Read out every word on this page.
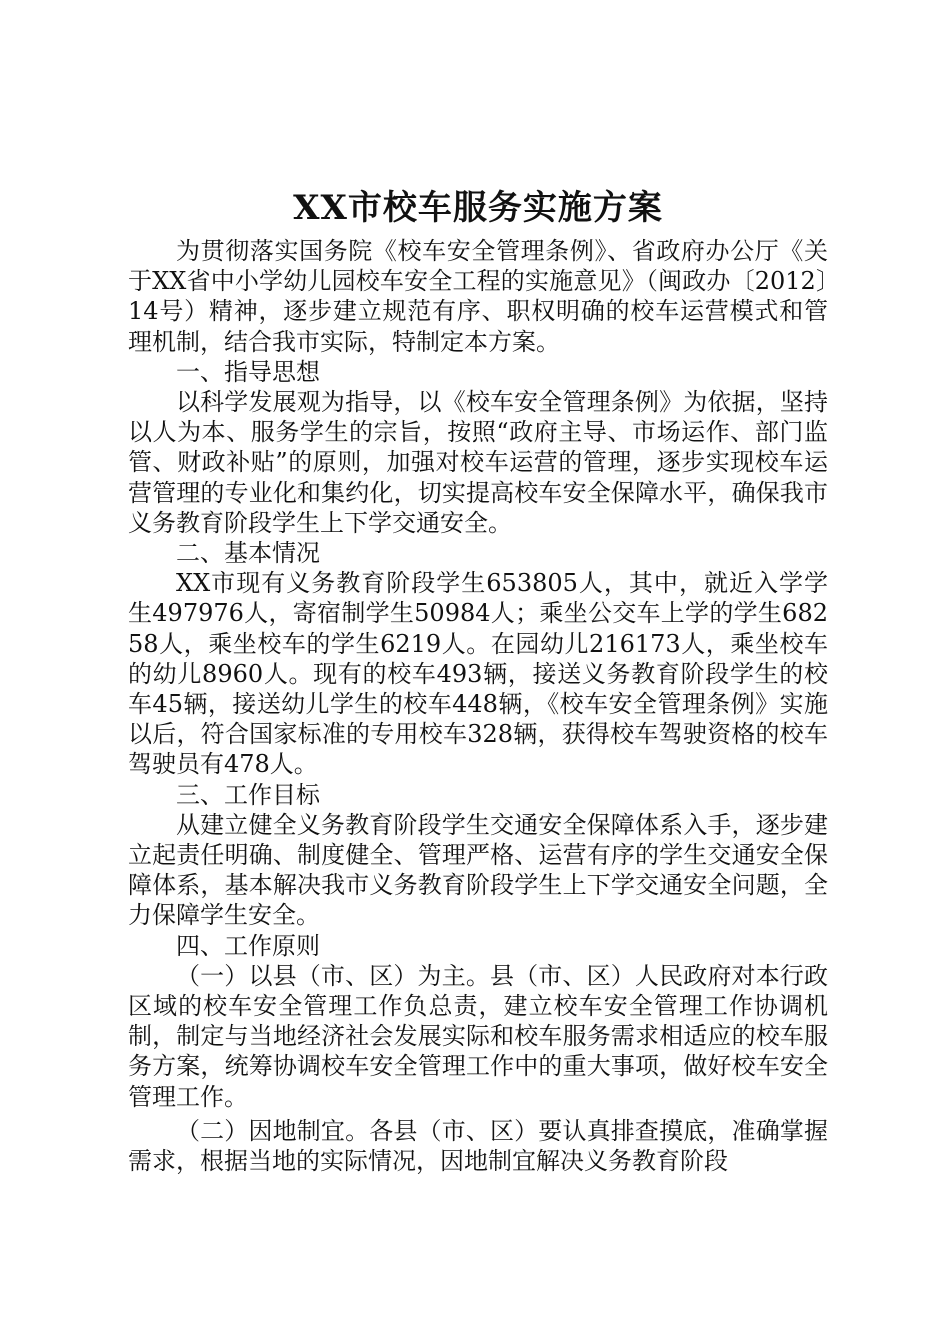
XX市校车服务实施方案

为贯彻落实国务院《校车安全管理条例》、省政府办公厅《关于XX省中小学幼儿园校车安全工程的实施意见》（闽政办〔2012〕14号）精神，逐步建立规范有序、职权明确的校车运营模式和管理机制，结合我市实际，特制定本方案。

一、指导思想

以科学发展观为指导，以《校车安全管理条例》为依据，坚持以人为本、服务学生的宗旨，按照“政府主导、市场运作、部门监管、财政补贴”的原则，加强对校车运营的管理，逐步实现校车运营管理的专业化和集约化，切实提高校车安全保障水平，确保我市义务教育阶段学生上下学交通安全。

二、基本情况

XX市现有义务教育阶段学生653805人，其中，就近入学学生497976人，寄宿制学生50984人；乘坐公交车上学的学生68258人，乘坐校车的学生6219人。在园幼儿216173人，乘坐校车的幼儿8960人。现有的校车493辆，接送义务教育阶段学生的校车45辆，接送幼儿学生的校车448辆，《校车安全管理条例》实施以后，符合国家标准的专用校车328辆，获得校车驾驶资格的校车驾驶员有478人。

三、工作目标

从建立健全义务教育阶段学生交通安全保障体系入手，逐步建立起责任明确、制度健全、管理严格、运营有序的学生交通安全保障体系，基本解决我市义务教育阶段学生上下学交通安全问题，全力保障学生安全。

四、工作原则

（一）以县（市、区）为主。县（市、区）人民政府对本行政区域的校车安全管理工作负总责，建立校车安全管理工作协调机制，制定与当地经济社会发展实际和校车服务需求相适应的校车服务方案，统筹协调校车安全管理工作中的重大事项，做好校车安全管理工作。

（二）因地制宜。各县（市、区）要认真排查摸底，准确掌握需求，根据当地的实际情况，因地制宜解决义务教育阶段
